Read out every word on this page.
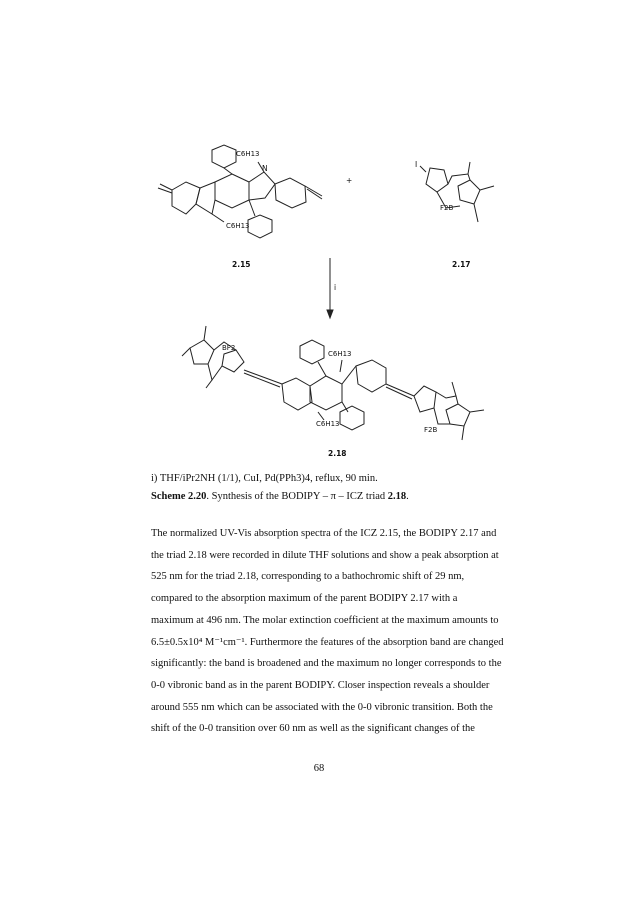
C6H13
N
C6H13
+
I
F2B
2.15	2.17
i
BF2
C6H13
C6H13
F2B
2.18
i) THF/iPr2NH (1/1), CuI, Pd(PPh3)4, reflux, 90 min.
Scheme 2.20. Synthesis of the BODIPY – π – ICZ triad 2.18.

The normalized UV-Vis absorption spectra of the ICZ 2.15, the BODIPY 2.17 and

the triad 2.18 were recorded in dilute THF solutions and show a peak absorption at

525 nm for the triad 2.18, corresponding to a bathochromic shift of 29 nm,

compared to the absorption maximum of the parent BODIPY 2.17 with a

maximum at 496 nm. The molar extinction coefficient at the maximum amounts to

6.5±0.5x10⁴ M⁻¹cm⁻¹. Furthermore the features of the absorption band are changed

significantly: the band is broadened and the maximum no longer corresponds to the

0-0 vibronic band as in the parent BODIPY. Closer inspection reveals a shoulder

around 555 nm which can be associated with the 0-0 vibronic transition. Both the

shift of the 0-0 transition over 60 nm as well as the significant changes of the

68
